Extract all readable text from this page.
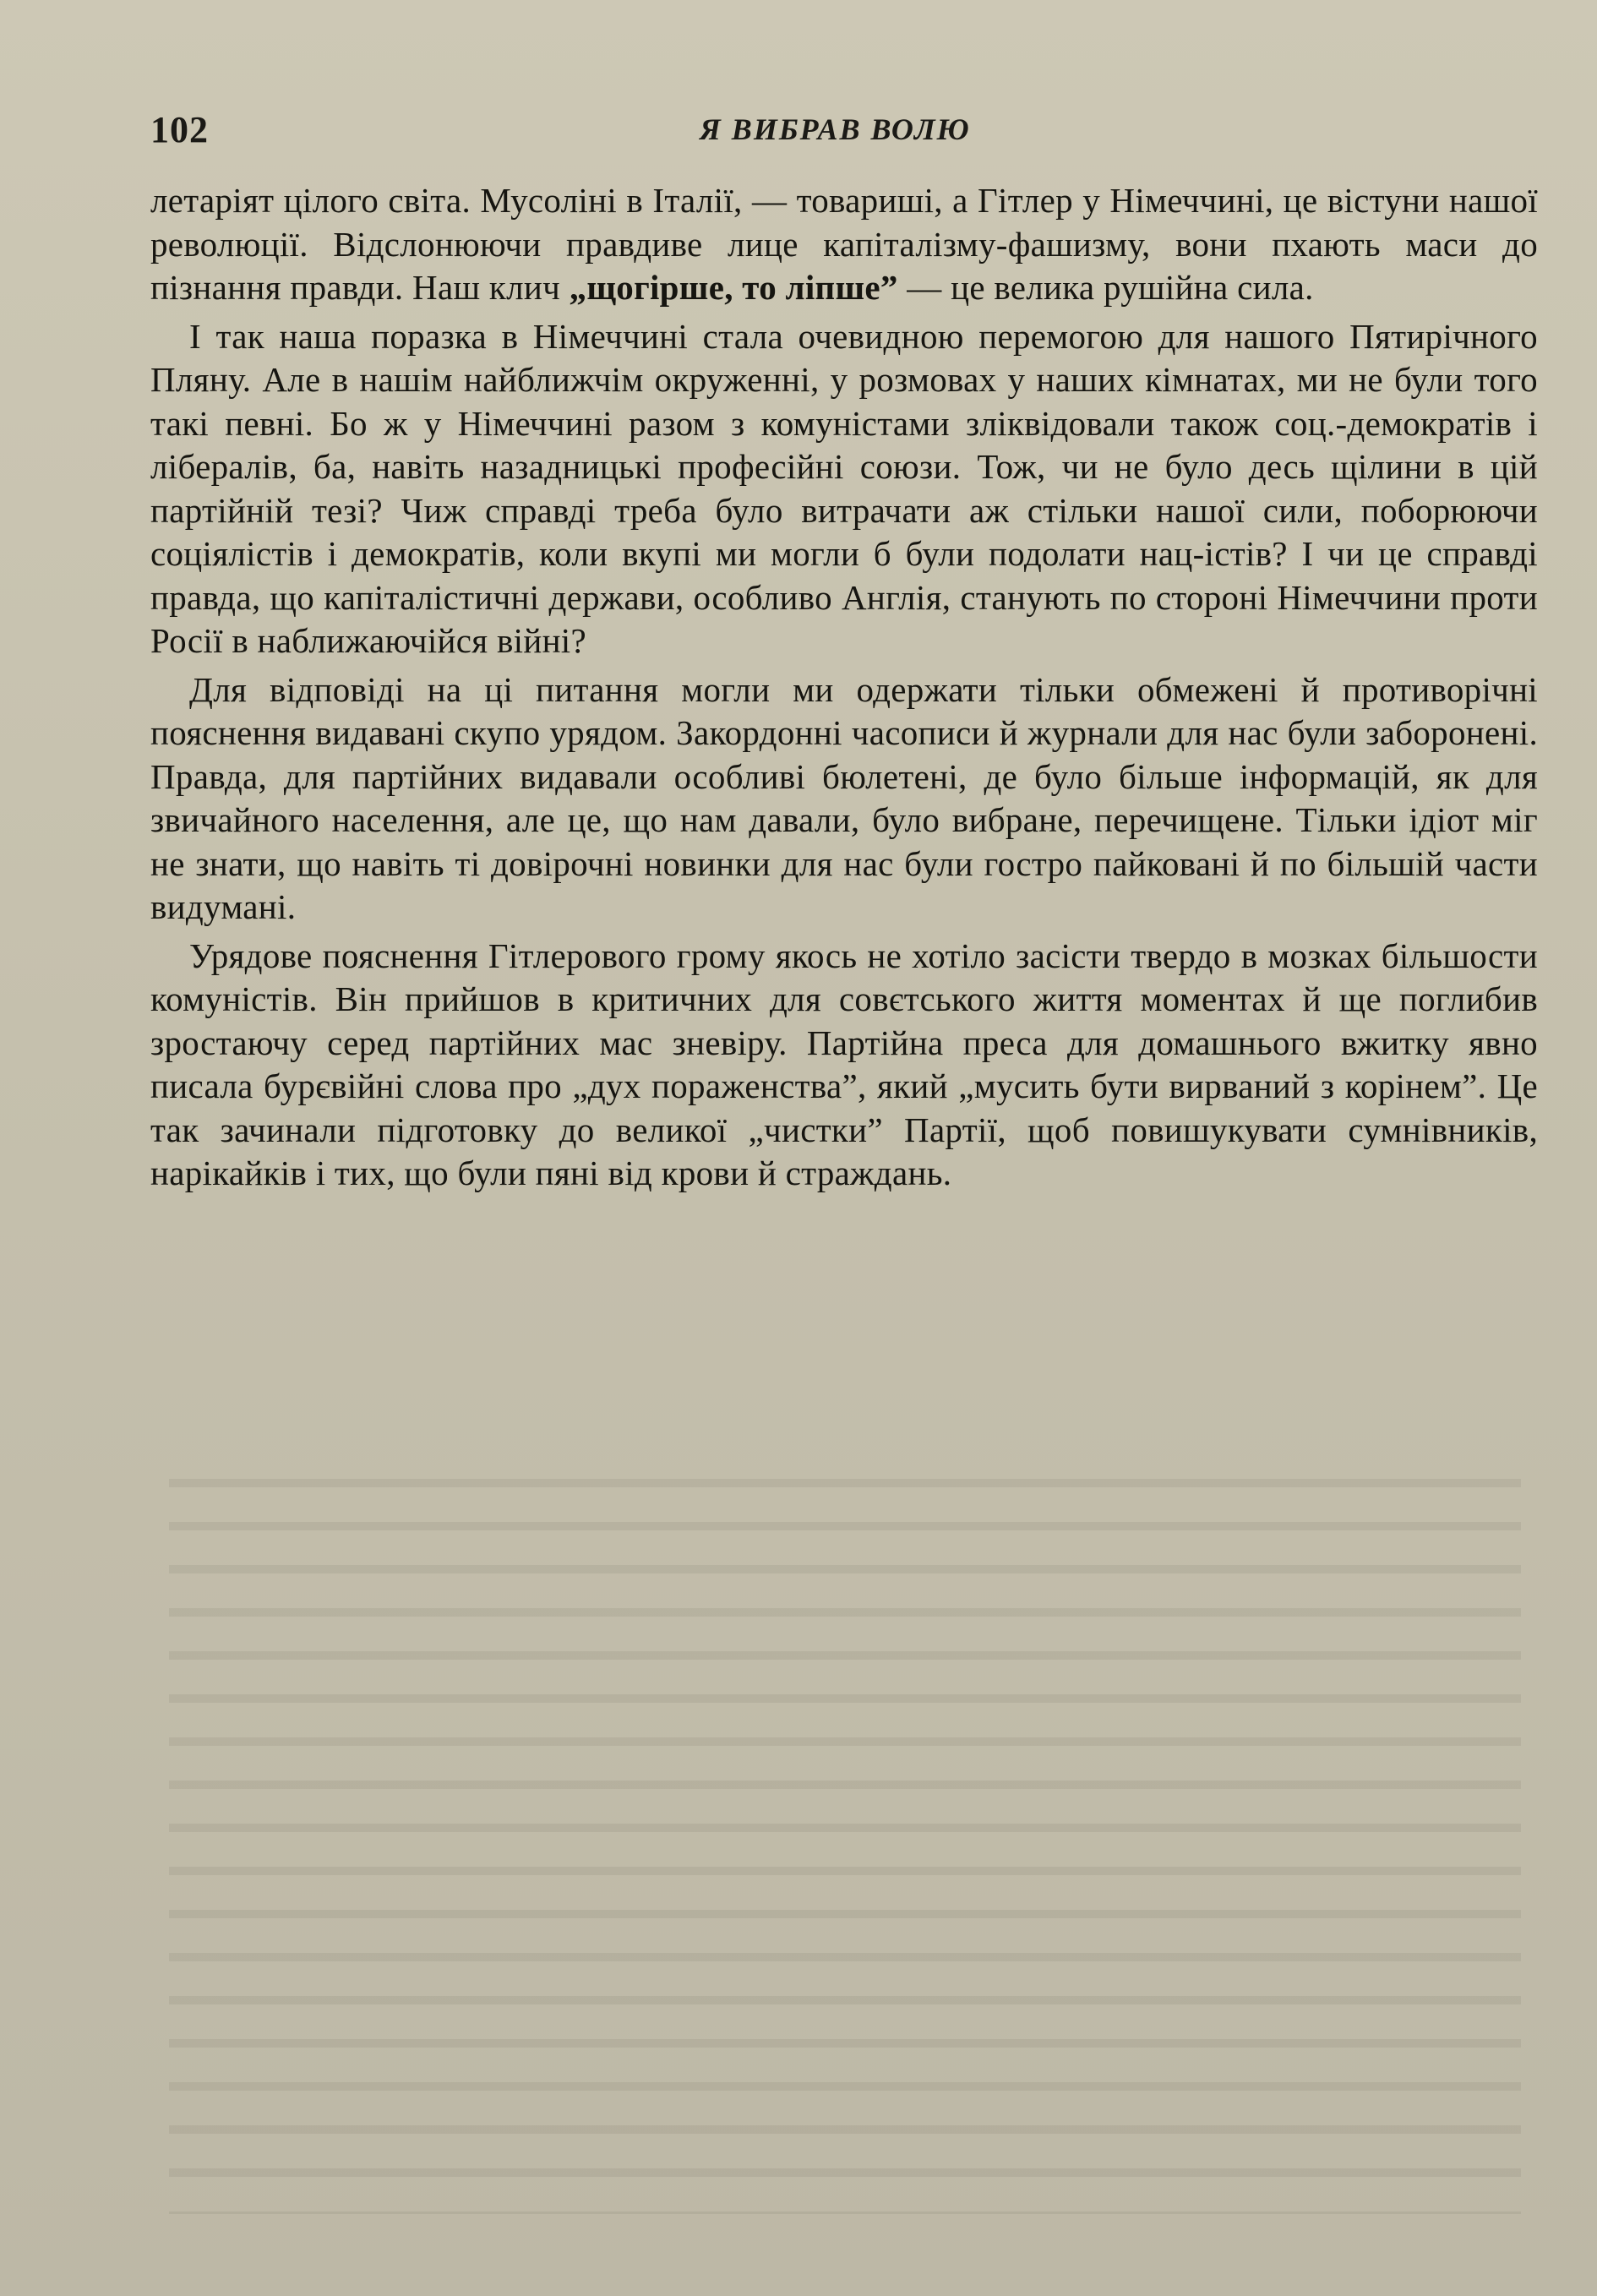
102	Я ВИБРАВ ВОЛЮ

летаріят цілого світа. Мусоліні в Італії, — товариші, а Гітлер у Німеччині, це вістуни нашої революції. Відслонюючи правдиве лице капіталізму-фашизму, вони пхають маси до пізнання правди. Наш клич „щогірше, то ліпше” — це велика рушійна сила.

І так наша поразка в Німеччині стала очевидною перемогою для нашого Пятирічного Пляну. Але в нашім найближчім окруженні, у розмовах у наших кімнатах, ми не були того такі певні. Бо ж у Німеччині разом з комуністами зліквідовали також соц.-демократів і лібералів, ба, навіть назадницькі професійні союзи. Тож, чи не було десь щілини в цій партійній тезі? Чиж справді треба було витрачати аж стільки нашої сили, поборюючи соціялістів і демократів, коли вкупі ми могли б були подолати нац-істів? І чи це справді правда, що капіталістичні держави, особливо Англія, станують по стороні Німеччини проти Росії в наближаючійся війні?

Для відповіді на ці питання могли ми одержати тільки обмежені й противорічні пояснення видавані скупо урядом. Закордонні часописи й журнали для нас були заборонені. Правда, для партійних видавали особливі бюлетені, де було більше інформацій, як для звичайного населення, але це, що нам давали, було вибране, перечищене. Тільки ідіот міг не знати, що навіть ті довірочні новинки для нас були гостро пайковані й по більшій части видумані.

Урядове пояснення Гітлерового грому якось не хотіло засісти твердо в мозках більшости комуністів. Він прийшов в критичних для совєтського життя моментах й ще поглибив зростаючу серед партійних мас зневіру. Партійна преса для домашнього вжитку явно писала бурєвійні слова про „дух пораженства”, який „мусить бути вирваний з корінем”. Це так зачинали підготовку до великої „чистки” Партії, щоб повишукувати сумнівників, нарікайків і тих, що були пяні від крови й страждань.
